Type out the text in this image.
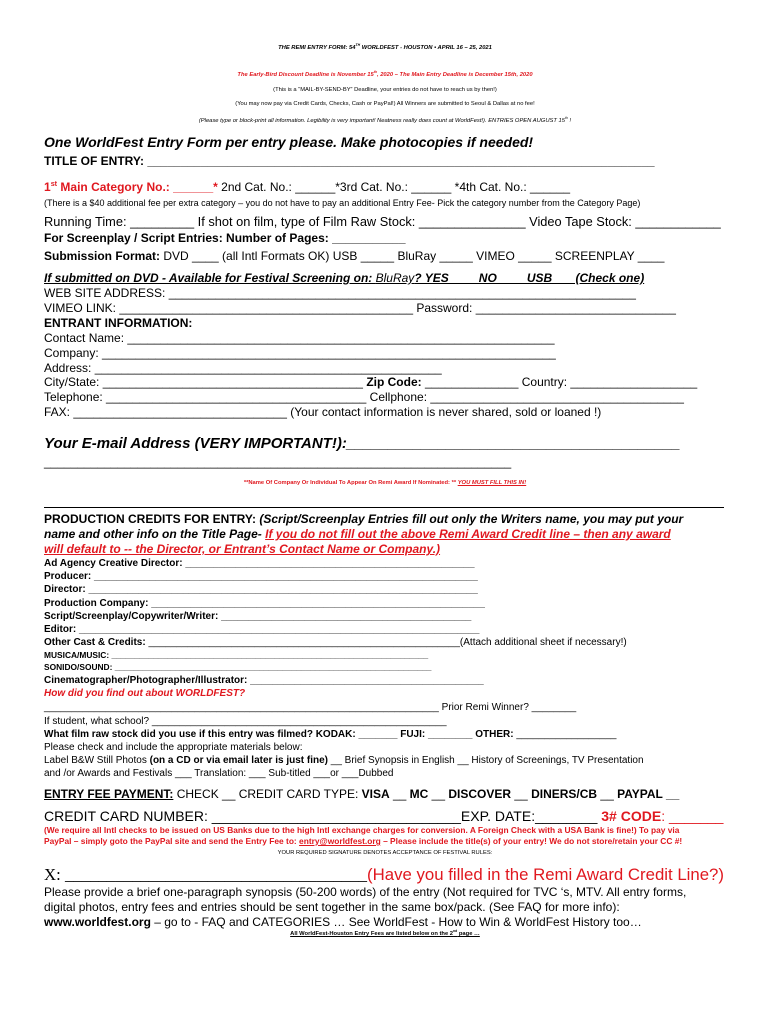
THE REMI ENTRY FORM: 54TH WORLDFEST - HOUSTON • APRIL 16 – 25, 2021
The Early-Bird Discount Deadline is November 15th, 2020 – The Main Entry Deadline is December 15th, 2020
(This is a “MAIL-BY-SEND-BY” Deadline, your entries do not have to reach us by then!)
(You may now pay via Credit Cards, Checks, Cash or PayPal!) All Winners are submitted to Seoul & Dallas at no fee!
(Please type or block-print all information. Legibility is very important! Neatness really does count at WorldFest!). ENTRIES OPEN AUGUST 15th !
One WorldFest Entry Form per entry please. Make photocopies if needed!
TITLE OF ENTRY: ____________________________________________________________________________
1st Main Category No.: ______* 2nd Cat. No.: ______*3rd Cat. No.: ______ *4th Cat. No.: ______
(There is a $40 additional fee per extra category – you do not have to pay an additional Entry Fee- Pick the category number from the Category Page)
Running Time: _________ If shot on film, type of Film Raw Stock: _______________ Video Tape Stock: ____________
For Screenplay / Script Entries: Number of Pages: ___________
Submission Format: DVD ____ (all Intl Formats OK) USB _____ BluRay _____ VIMEO _____ SCREENPLAY ____
If submitted on DVD - Available for Festival Screening on: BluRay? YES____ NO____ USB___ (Check one)
WEB SITE ADDRESS: ______________________________________________________________________
VIMEO LINK: ____________________________________________ Password: ______________________________
ENTRANT INFORMATION:
Contact Name: ________________________________________________________________
Company: ____________________________________________________________________
Address: ____________________________________________________
City/State: _______________________________________ Zip Code: ______________ Country: ___________________
Telephone: _______________________________________ Cellphone: ______________________________________
FAX: ________________________________ (Your contact information is never shared, sold or loaned !)
Your E-mail Address (VERY IMPORTANT!):________________________________________
______________________________________________________________________
**Name Of Company Or Individual To Appear On Remi Award If Nominated: ** YOU MUST FILL THIS IN!
PRODUCTION CREDITS FOR ENTRY: (Script/Screenplay Entries fill out only the Writers name, you may put your
name and other info on the Title Page- If you do not fill out the above Remi Award Credit line – then any award
will default to -- the Director, or Entrant’s Contact Name or Company.)
Ad Agency Creative Director: ____________________________________________________
Producer: _____________________________________________________________________
Director: ______________________________________________________________________
Production Company: ____________________________________________________________
Script/Screenplay/Copywriter/Writer: _____________________________________________
Editor: ________________________________________________________________________
Other Cast & Credits: ________________________________________________________(Attach additional sheet if necessary!)
MUSICA/MUSIC: ____________________________________________________________________
SONIDO/SOUND: ____________________________________________________________________
Cinematographer/Photographer/Illustrator: __________________________________________
How did you find out about WORLDFEST?
_______________________________________________________________________ Prior Remi Winner? ________
If student, what school? _____________________________________________________
What film raw stock did you use if this entry was filmed? KODAK: _______ FUJI: ________ OTHER: __________________
Please check and include the appropriate materials below:
Label B&W Still Photos (on a CD or via email later is just fine) __ Brief Synopsis in English __ History of Screenings, TV Presentation
and /or Awards and Festivals ___ Translation: ___ Sub-titled ___or ___Dubbed
ENTRY FEE PAYMENT: CHECK __ CREDIT CARD TYPE: VISA __ MC __ DISCOVER __ DINERS/CB __ PAYPAL __
CREDIT CARD NUMBER: ________________________________EXP. DATE:________ 3# CODE: _______
(We require all Intl checks to be issued on US Banks due to the high Intl exchange charges for conversion. A Foreign Check with a USA Bank is fine!) To pay via
PayPal – simply goto the PayPal site and send the Entry Fee to: entry@worldfest.org – Please include the title(s) of your entry! We do not store/retain your CC #!
YOUR REQUIRED SIGNATURE DENOTES ACCEPTANCE OF FESTIVAL RULES:
X: ____________________________________(Have you filled in the Remi Award Credit Line?)
Please provide a brief one-paragraph synopsis (50-200 words) of the entry (Not required for TVC ‘s, MTV. All entry forms,
digital photos, entry fees and entries should be sent together in the same box/pack. (See FAQ for more info):
www.worldfest.org – go to - FAQ and CATEGORIES … See WorldFest - How to Win & WorldFest History too…
All WorldFest-Houston Entry Fees are listed below on the 2nd page …
